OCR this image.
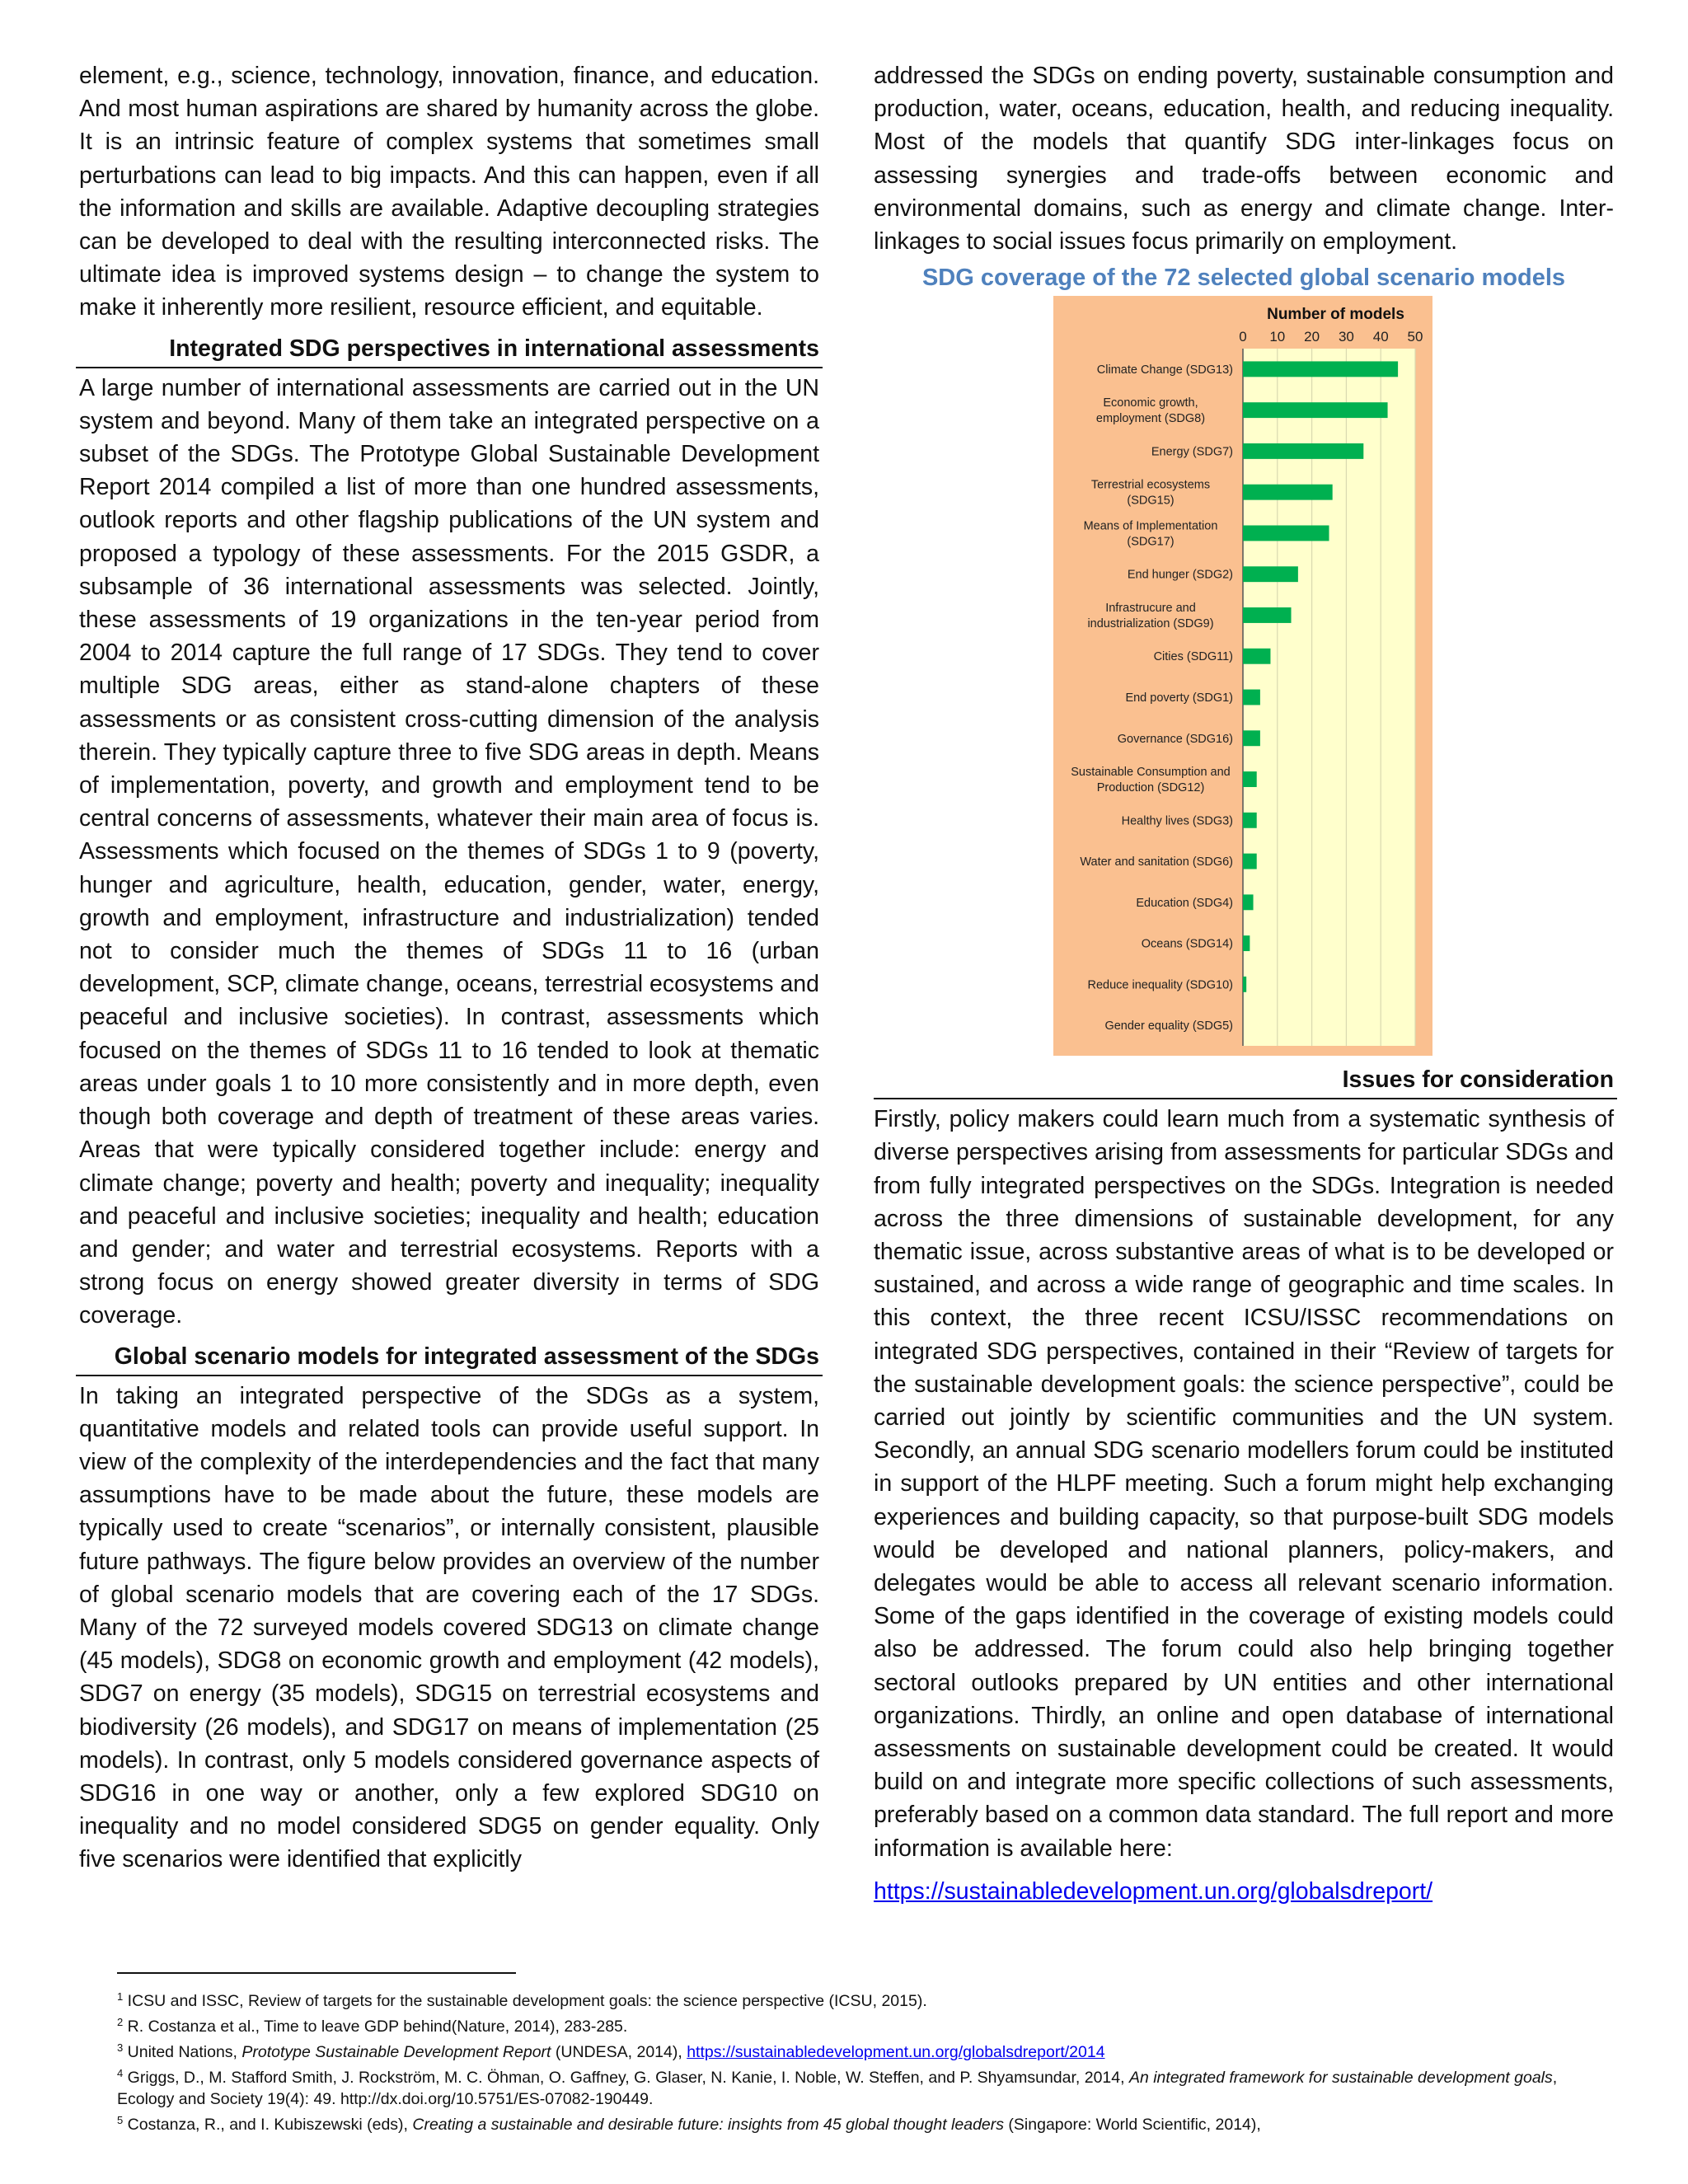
element, e.g., science, technology, innovation, finance, and education. And most human aspirations are shared by humanity across the globe. It is an intrinsic feature of complex systems that sometimes small perturbations can lead to big impacts. And this can happen, even if all the information and skills are available. Adaptive decoupling strategies can be developed to deal with the resulting interconnected risks. The ultimate idea is improved systems design – to change the system to make it inherently more resilient, resource efficient, and equitable.

Integrated SDG perspectives in international assessments

A large number of international assessments are carried out in the UN system and beyond. Many of them take an integrated perspective on a subset of the SDGs. The Prototype Global Sustainable Development Report 2014 compiled a list of more than one hundred assessments, outlook reports and other flagship publications of the UN system and proposed a typology of these assessments. For the 2015 GSDR, a subsample of 36 international assessments was selected. Jointly, these assessments of 19 organizations in the ten-year period from 2004 to 2014 capture the full range of 17 SDGs. They tend to cover multiple SDG areas, either as stand-alone chapters of these assessments or as consistent cross-cutting dimension of the analysis therein. They typically capture three to five SDG areas in depth. Means of implementation, poverty, and growth and employment tend to be central concerns of assessments, whatever their main area of focus is. Assessments which focused on the themes of SDGs 1 to 9 (poverty, hunger and agriculture, health, education, gender, water, energy, growth and employment, infrastructure and industrialization) tended not to consider much the themes of SDGs 11 to 16 (urban development, SCP, climate change, oceans, terrestrial ecosystems and peaceful and inclusive societies). In contrast, assessments which focused on the themes of SDGs 11 to 16 tended to look at thematic areas under goals 1 to 10 more consistently and in more depth, even though both coverage and depth of treatment of these areas varies. Areas that were typically considered together include: energy and climate change; poverty and health; poverty and inequality; inequality and peaceful and inclusive societies; inequality and health; education and gender; and water and terrestrial ecosystems. Reports with a strong focus on energy showed greater diversity in terms of SDG coverage.

Global scenario models for integrated assessment of the SDGs

In taking an integrated perspective of the SDGs as a system, quantitative models and related tools can provide useful support. In view of the complexity of the interdependencies and the fact that many assumptions have to be made about the future, these models are typically used to create “scenarios”, or internally consistent, plausible future pathways. The figure below provides an overview of the number of global scenario models that are covering each of the 17 SDGs. Many of the 72 surveyed models covered SDG13 on climate change (45 models), SDG8 on economic growth and employment (42 models), SDG7 on energy (35 models), SDG15 on terrestrial ecosystems and biodiversity (26 models), and SDG17 on means of implementation (25 models). In contrast, only 5 models considered governance aspects of SDG16 in one way or another, only a few explored SDG10 on inequality and no model considered SDG5 on gender equality. Only five scenarios were identified that explicitly

addressed the SDGs on ending poverty, sustainable consumption and production, water, oceans, education, health, and reducing inequality. Most of the models that quantify SDG inter-linkages focus on assessing synergies and trade-offs between economic and environmental domains, such as energy and climate change. Inter-linkages to social issues focus primarily on employment.

SDG coverage of the 72 selected global scenario models
Number of models
0 10 20 30 40 50
Climate Change (SDG13)
Economic growth,
employment (SDG8)
Energy (SDG7)
Terrestrial ecosystems
(SDG15)
Means of Implementation
(SDG17)
End hunger (SDG2)
Infrastrucure and
industrialization (SDG9)
Cities (SDG11)
End poverty (SDG1)
Governance (SDG16)
Sustainable Consumption and
Production (SDG12)
Healthy lives (SDG3)
Water and sanitation (SDG6)
Education (SDG4)
Oceans (SDG14)
Reduce inequality (SDG10)
Gender equality (SDG5)
Issues for consideration

Firstly, policy makers could learn much from a systematic synthesis of diverse perspectives arising from assessments for particular SDGs and from fully integrated perspectives on the SDGs. Integration is needed across the three dimensions of sustainable development, for any thematic issue, across substantive areas of what is to be developed or sustained, and across a wide range of geographic and time scales. In this context, the three recent ICSU/ISSC recommendations on integrated SDG perspectives, contained in their “Review of targets for the sustainable development goals: the science perspective”, could be carried out jointly by scientific communities and the UN system. Secondly, an annual SDG scenario modellers forum could be instituted in support of the HLPF meeting. Such a forum might help exchanging experiences and building capacity, so that purpose-built SDG models would be developed and national planners, policy-makers, and delegates would be able to access all relevant scenario information. Some of the gaps identified in the coverage of existing models could also be addressed. The forum could also help bringing together sectoral outlooks prepared by UN entities and other international organizations. Thirdly, an online and open database of international assessments on sustainable development could be created. It would build on and integrate more specific collections of such assessments, preferably based on a common data standard. The full report and more information is available here:

https://sustainabledevelopment.un.org/globalsdreport/

$^1$ ICSU and ISSC, Review of targets for the sustainable development goals: the science perspective (ICSU, 2015).
$^2$ R. Costanza et al., Time to leave GDP behind(Nature, 2014), 283-285.
$^3$ United Nations, Prototype Sustainable Development Report (UNDESA, 2014), https://sustainabledevelopment.un.org/globalsdreport/2014
$^4$ Griggs, D., M. Stafford Smith, J. Rockström, M. C. Öhman, O. Gaffney, G. Glaser, N. Kanie, I. Noble, W. Steffen, and P. Shyamsundar, 2014, An integrated framework for sustainable development goals, Ecology and Society 19(4): 49. http://dx.doi.org/10.5751/ES-07082-190449.
$^5$ Costanza, R., and I. Kubiszewski (eds), Creating a sustainable and desirable future: insights from 45 global thought leaders (Singapore: World Scientific, 2014),
